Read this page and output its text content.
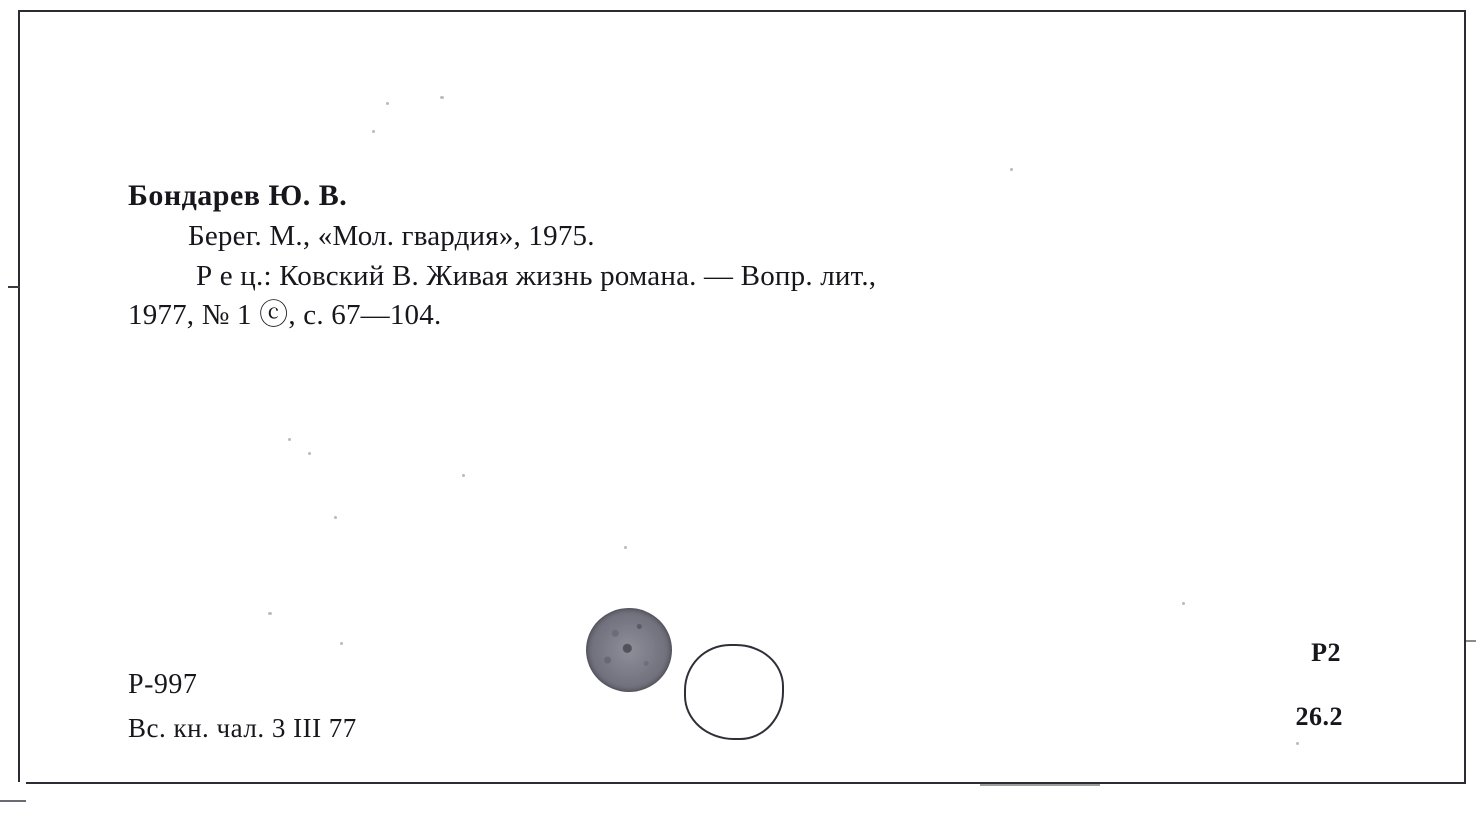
Бондарев Ю. В.

Берег. М., «Мол. гвардия», 1975.

Р е ц.: Ковский В. Живая жизнь романа. — Вопр. лит.,

1977, № 1 ⓒ, с. 67—104.

Р-997

Вс. кн. чал. 3 III 77

Р2
26.2
